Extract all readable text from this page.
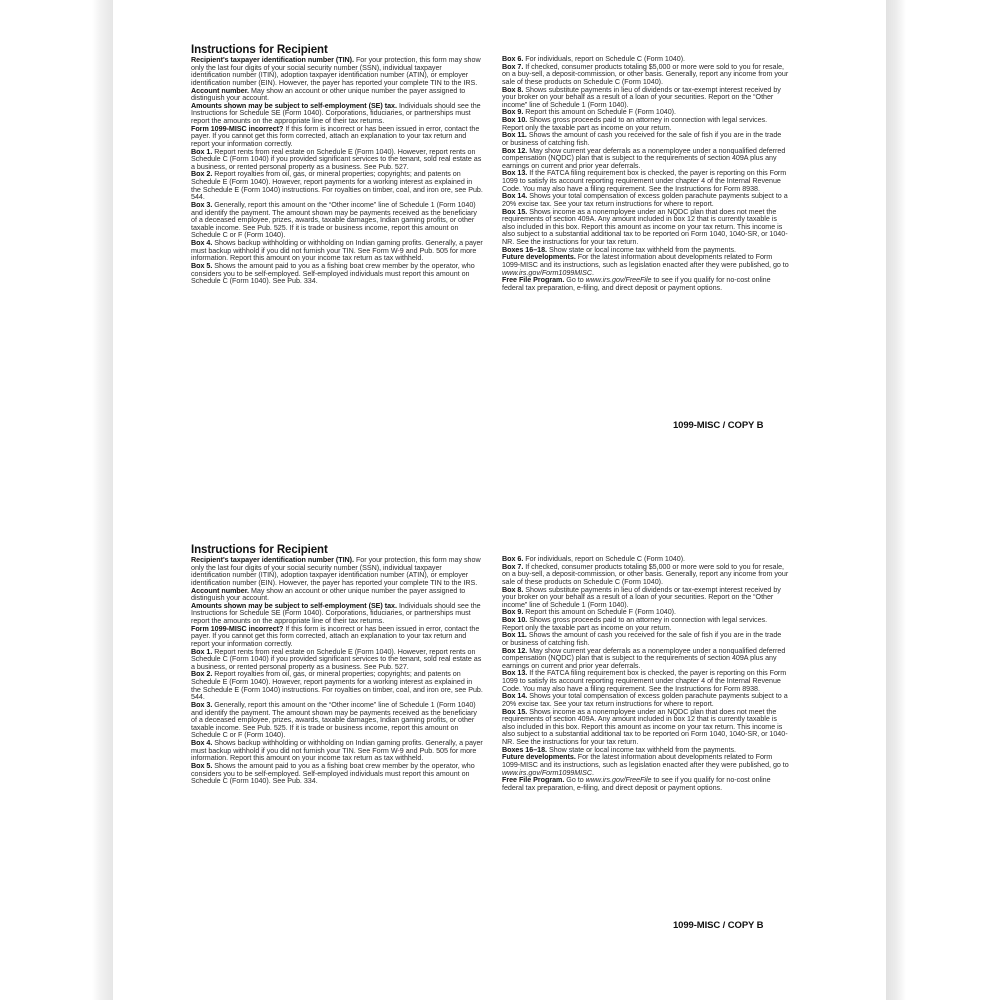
Instructions for Recipient

Recipient's taxpayer identification number (TIN). For your protection, this form may show only the last four digits of your social security number (SSN), individual taxpayer identification number (ITIN), adoption taxpayer identification number (ATIN), or employer identification number (EIN). However, the payer has reported your complete TIN to the IRS.

Account number. May show an account or other unique number the payer assigned to distinguish your account.

Amounts shown may be subject to self-employment (SE) tax. Individuals should see the Instructions for Schedule SE (Form 1040). Corporations, fiduciaries, or partnerships must report the amounts on the appropriate line of their tax returns.

Form 1099-MISC incorrect? If this form is incorrect or has been issued in error, contact the payer. If you cannot get this form corrected, attach an explanation to your tax return and report your information correctly.

Box 1. Report rents from real estate on Schedule E (Form 1040). However, report rents on Schedule C (Form 1040) if you provided significant services to the tenant, sold real estate as a business, or rented personal property as a business. See Pub. 527.

Box 2. Report royalties from oil, gas, or mineral properties; copyrights; and patents on Schedule E (Form 1040). However, report payments for a working interest as explained in the Schedule E (Form 1040) instructions. For royalties on timber, coal, and iron ore, see Pub. 544.

Box 3. Generally, report this amount on the “Other income” line of Schedule 1 (Form 1040) and identify the payment. The amount shown may be payments received as the beneficiary of a deceased employee, prizes, awards, taxable damages, Indian gaming profits, or other taxable income. See Pub. 525. If it is trade or business income, report this amount on Schedule C or F (Form 1040).

Box 4. Shows backup withholding or withholding on Indian gaming profits. Generally, a payer must backup withhold if you did not furnish your TIN. See Form W-9 and Pub. 505 for more information. Report this amount on your income tax return as tax withheld.

Box 5. Shows the amount paid to you as a fishing boat crew member by the operator, who considers you to be self-employed. Self-employed individuals must report this amount on Schedule C (Form 1040). See Pub. 334.

Box 6. For individuals, report on Schedule C (Form 1040).

Box 7. If checked, consumer products totaling $5,000 or more were sold to you for resale, on a buy-sell, a deposit-commission, or other basis. Generally, report any income from your sale of these products on Schedule C (Form 1040).

Box 8. Shows substitute payments in lieu of dividends or tax-exempt interest received by your broker on your behalf as a result of a loan of your securities. Report on the “Other income” line of Schedule 1 (Form 1040).

Box 9. Report this amount on Schedule F (Form 1040).

Box 10. Shows gross proceeds paid to an attorney in connection with legal services. Report only the taxable part as income on your return.

Box 11. Shows the amount of cash you received for the sale of fish if you are in the trade or business of catching fish.

Box 12. May show current year deferrals as a nonemployee under a nonqualified deferred compensation (NQDC) plan that is subject to the requirements of section 409A plus any earnings on current and prior year deferrals.

Box 13. If the FATCA filing requirement box is checked, the payer is reporting on this Form 1099 to satisfy its account reporting requirement under chapter 4 of the Internal Revenue Code. You may also have a filing requirement. See the Instructions for Form 8938.

Box 14. Shows your total compensation of excess golden parachute payments subject to a 20% excise tax. See your tax return instructions for where to report.

Box 15. Shows income as a nonemployee under an NQDC plan that does not meet the requirements of section 409A. Any amount included in box 12 that is currently taxable is also included in this box. Report this amount as income on your tax return. This income is also subject to a substantial additional tax to be reported on Form 1040, 1040-SR, or 1040-NR. See the instructions for your tax return.

Boxes 16–18. Show state or local income tax withheld from the payments.

Future developments. For the latest information about developments related to Form 1099-MISC and its instructions, such as legislation enacted after they were published, go to www.irs.gov/Form1099MISC.

Free File Program. Go to www.irs.gov/FreeFile to see if you qualify for no-cost online federal tax preparation, e-filing, and direct deposit or payment options.

1099-MISC / COPY B
Instructions for Recipient

Recipient's taxpayer identification number (TIN). For your protection, this form may show only the last four digits of your social security number (SSN), individual taxpayer identification number (ITIN), adoption taxpayer identification number (ATIN), or employer identification number (EIN). However, the payer has reported your complete TIN to the IRS.

Account number. May show an account or other unique number the payer assigned to distinguish your account.

Amounts shown may be subject to self-employment (SE) tax. Individuals should see the Instructions for Schedule SE (Form 1040). Corporations, fiduciaries, or partnerships must report the amounts on the appropriate line of their tax returns.

Form 1099-MISC incorrect? If this form is incorrect or has been issued in error, contact the payer. If you cannot get this form corrected, attach an explanation to your tax return and report your information correctly.

Box 1. Report rents from real estate on Schedule E (Form 1040). However, report rents on Schedule C (Form 1040) if you provided significant services to the tenant, sold real estate as a business, or rented personal property as a business. See Pub. 527.

Box 2. Report royalties from oil, gas, or mineral properties; copyrights; and patents on Schedule E (Form 1040). However, report payments for a working interest as explained in the Schedule E (Form 1040) instructions. For royalties on timber, coal, and iron ore, see Pub. 544.

Box 3. Generally, report this amount on the “Other income” line of Schedule 1 (Form 1040) and identify the payment. The amount shown may be payments received as the beneficiary of a deceased employee, prizes, awards, taxable damages, Indian gaming profits, or other taxable income. See Pub. 525. If it is trade or business income, report this amount on Schedule C or F (Form 1040).

Box 4. Shows backup withholding or withholding on Indian gaming profits. Generally, a payer must backup withhold if you did not furnish your TIN. See Form W-9 and Pub. 505 for more information. Report this amount on your income tax return as tax withheld.

Box 5. Shows the amount paid to you as a fishing boat crew member by the operator, who considers you to be self-employed. Self-employed individuals must report this amount on Schedule C (Form 1040). See Pub. 334.

Box 6. For individuals, report on Schedule C (Form 1040).

Box 7. If checked, consumer products totaling $5,000 or more were sold to you for resale, on a buy-sell, a deposit-commission, or other basis. Generally, report any income from your sale of these products on Schedule C (Form 1040).

Box 8. Shows substitute payments in lieu of dividends or tax-exempt interest received by your broker on your behalf as a result of a loan of your securities. Report on the “Other income” line of Schedule 1 (Form 1040).

Box 9. Report this amount on Schedule F (Form 1040).

Box 10. Shows gross proceeds paid to an attorney in connection with legal services. Report only the taxable part as income on your return.

Box 11. Shows the amount of cash you received for the sale of fish if you are in the trade or business of catching fish.

Box 12. May show current year deferrals as a nonemployee under a nonqualified deferred compensation (NQDC) plan that is subject to the requirements of section 409A plus any earnings on current and prior year deferrals.

Box 13. If the FATCA filing requirement box is checked, the payer is reporting on this Form 1099 to satisfy its account reporting requirement under chapter 4 of the Internal Revenue Code. You may also have a filing requirement. See the Instructions for Form 8938.

Box 14. Shows your total compensation of excess golden parachute payments subject to a 20% excise tax. See your tax return instructions for where to report.

Box 15. Shows income as a nonemployee under an NQDC plan that does not meet the requirements of section 409A. Any amount included in box 12 that is currently taxable is also included in this box. Report this amount as income on your tax return. This income is also subject to a substantial additional tax to be reported on Form 1040, 1040-SR, or 1040-NR. See the instructions for your tax return.

Boxes 16–18. Show state or local income tax withheld from the payments.

Future developments. For the latest information about developments related to Form 1099-MISC and its instructions, such as legislation enacted after they were published, go to www.irs.gov/Form1099MISC.

Free File Program. Go to www.irs.gov/FreeFile to see if you qualify for no-cost online federal tax preparation, e-filing, and direct deposit or payment options.

1099-MISC / COPY B
